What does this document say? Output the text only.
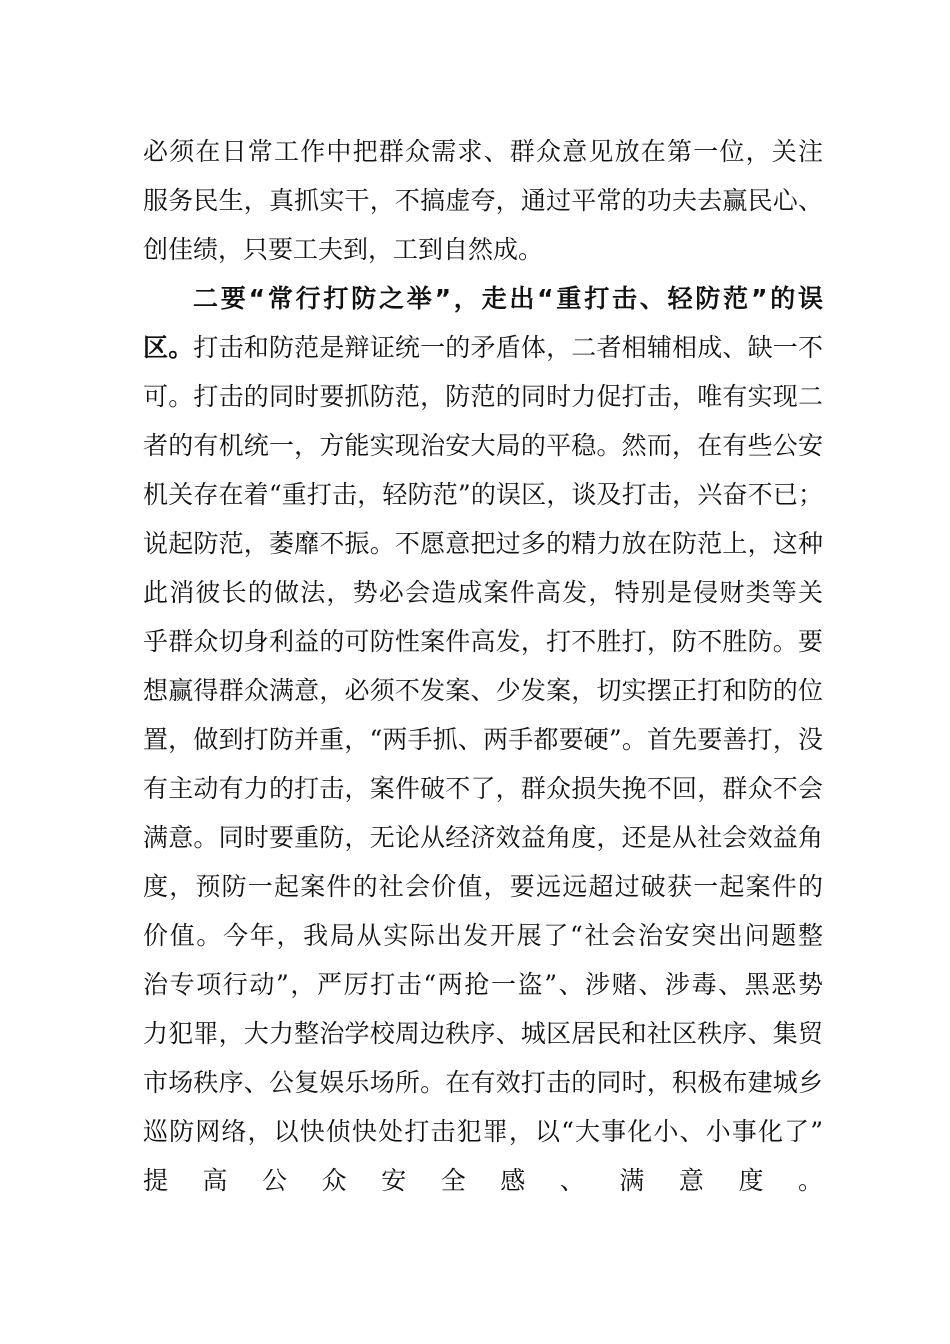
必须在日常工作中把群众需求、群众意见放在第一位，关注
服务民生，真抓实干，不搞虚夸，通过平常的功夫去赢民心、
创佳绩，只要工夫到，工到自然成。
二要“常行打防之举”，走出“重打击、轻防范”的误
区。打击和防范是辩证统一的矛盾体，二者相辅相成、缺一不
可。打击的同时要抓防范，防范的同时力促打击，唯有实现二
者的有机统一，方能实现治安大局的平稳。然而，在有些公安
机关存在着“重打击，轻防范”的误区，谈及打击，兴奋不已；
说起防范，萎靡不振。不愿意把过多的精力放在防范上，这种
此消彼长的做法，势必会造成案件高发，特别是侵财类等关
乎群众切身利益的可防性案件高发，打不胜打，防不胜防。要
想赢得群众满意，必须不发案、少发案，切实摆正打和防的位
置，做到打防并重，“两手抓、两手都要硬”。首先要善打，没
有主动有力的打击，案件破不了，群众损失挽不回，群众不会
满意。同时要重防，无论从经济效益角度，还是从社会效益角
度，预防一起案件的社会价值，要远远超过破获一起案件的
价值。今年，我局从实际出发开展了“社会治安突出问题整
治专项行动”，严厉打击“两抢一盗”、涉赌、涉毒、黑恶势
力犯罪，大力整治学校周边秩序、城区居民和社区秩序、集贸
市场秩序、公复娱乐场所。在有效打击的同时，积极布建城乡
巡防网络，以快侦快处打击犯罪，以“大事化小、小事化了”
提高公众安全感、满意度。
